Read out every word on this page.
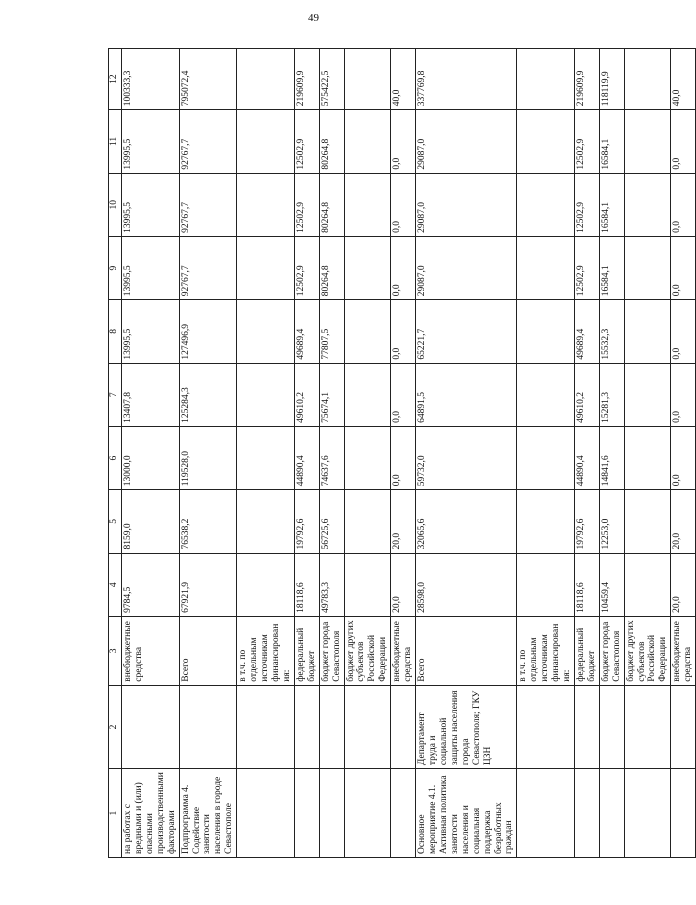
49
1	2	3	4	5	6	7	8	9	10	11	12
на работах с вредными и (или) опасными производственными факторами		внебюджетные средства	9784,5	8159,0	13000,0	13407,8	13995,5	13995,5	13995,5	13995,5	100333,3
Подпрограмма 4. Содействие занятости населения в городе Севастополе		Всего	67921,9	76538,2	119528,0	125284,3	127496,9	92767,7	92767,7	92767,7	795072,4
		в т.ч. по отдельным источникам финансирования:									
		федеральный бюджет	18118,6	19792,6	44890,4	49610,2	49689,4	12502,9	12502,9	12502,9	219609,9
		бюджет города Севастополя	49783,3	56725,6	74637,6	75674,1	77807,5	80264,8	80264,8	80264,8	575422,5
		бюджет других субъектов Российской Федерации									
		внебюджетные средства	20,0	20,0	0,0	0,0	0,0	0,0	0,0	0,0	40,0
Основное мероприятие 4.1. Активная политика занятости населения и социальная поддержка безработных граждан	Департамент труда и социальной защиты населения города Севастополя; ГКУ ЦЗН	Всего	28598,0	32065,6	59732,0	64891,5	65221,7	29087,0	29087,0	29087,0	337769,8
		в т.ч. по отдельным источникам финансирования:									
		федеральный бюджет	18118,6	19792,6	44890,4	49610,2	49689,4	12502,9	12502,9	12502,9	219609,9
		бюджет города Севастополя	10459,4	12253,0	14841,6	15281,3	15532,3	16584,1	16584,1	16584,1	118119,9
		бюджет других субъектов Российской Федерации									
		внебюджетные средства	20,0	20,0	0,0	0,0	0,0	0,0	0,0	0,0	40,0
